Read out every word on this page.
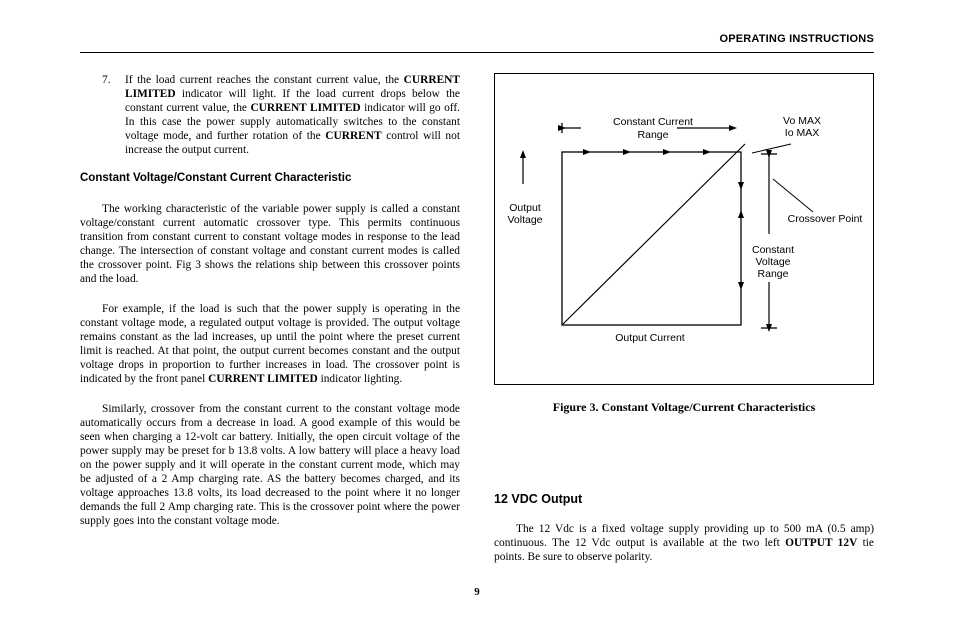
OPERATING INSTRUCTIONS
7.	If the load current reaches the constant current value, the CURRENT LIMITED indicator will light. If the load current drops below the constant current value, the CURRENT LIMITED indicator will go off. In this case the power supply automatically switches to the constant voltage mode, and further rotation of the CURRENT control will not increase the output current.
Constant Voltage/Constant Current Characteristic

The working characteristic of the variable power supply is called a constant voltage/constant current automatic crossover type. This permits continuous transition from constant current to constant voltage modes in response to the lead change. The intersection of constant voltage and constant current modes is called the crossover point. Fig 3 shows the relations ship between this crossover points and the load.

For example, if the load is such that the power supply is operating in the constant voltage mode, a regulated output voltage is provided. The output voltage remains constant as the lad increases, up until the point where the preset current limit is reached. At that point, the output current becomes constant and the output voltage drops in proportion to further increases in load. The crossover point is indicated by the front panel CURRENT LIMITED indicator lighting.

Similarly, crossover from the constant current to the constant voltage mode automatically occurs from a decrease in load. A good example of this would be seen when charging a 12-volt car battery. Initially, the open circuit voltage of the power supply may be preset for b 13.8 volts. A low battery will place a heavy load on the power supply and it will operate in the constant current mode, which may be adjusted of a 2 Amp charging rate. AS the battery becomes charged, and its voltage approaches 13.8 volts, its load decreased to the point where it no longer demands the full 2 Amp charging rate. This is the crossover point where the power supply goes into the constant voltage mode.

Constant Current
Range
Vo MAX
Io MAX
Output
Voltage	Crossover Point
Constant
Voltage
Range
Output Current
Figure 3. Constant Voltage/Current Characteristics
12 VDC Output

The 12 Vdc is a fixed voltage supply providing up to 500 mA (0.5 amp) continuous. The 12 Vdc output is available at the two left OUTPUT 12V tie points. Be sure to observe polarity.

9
